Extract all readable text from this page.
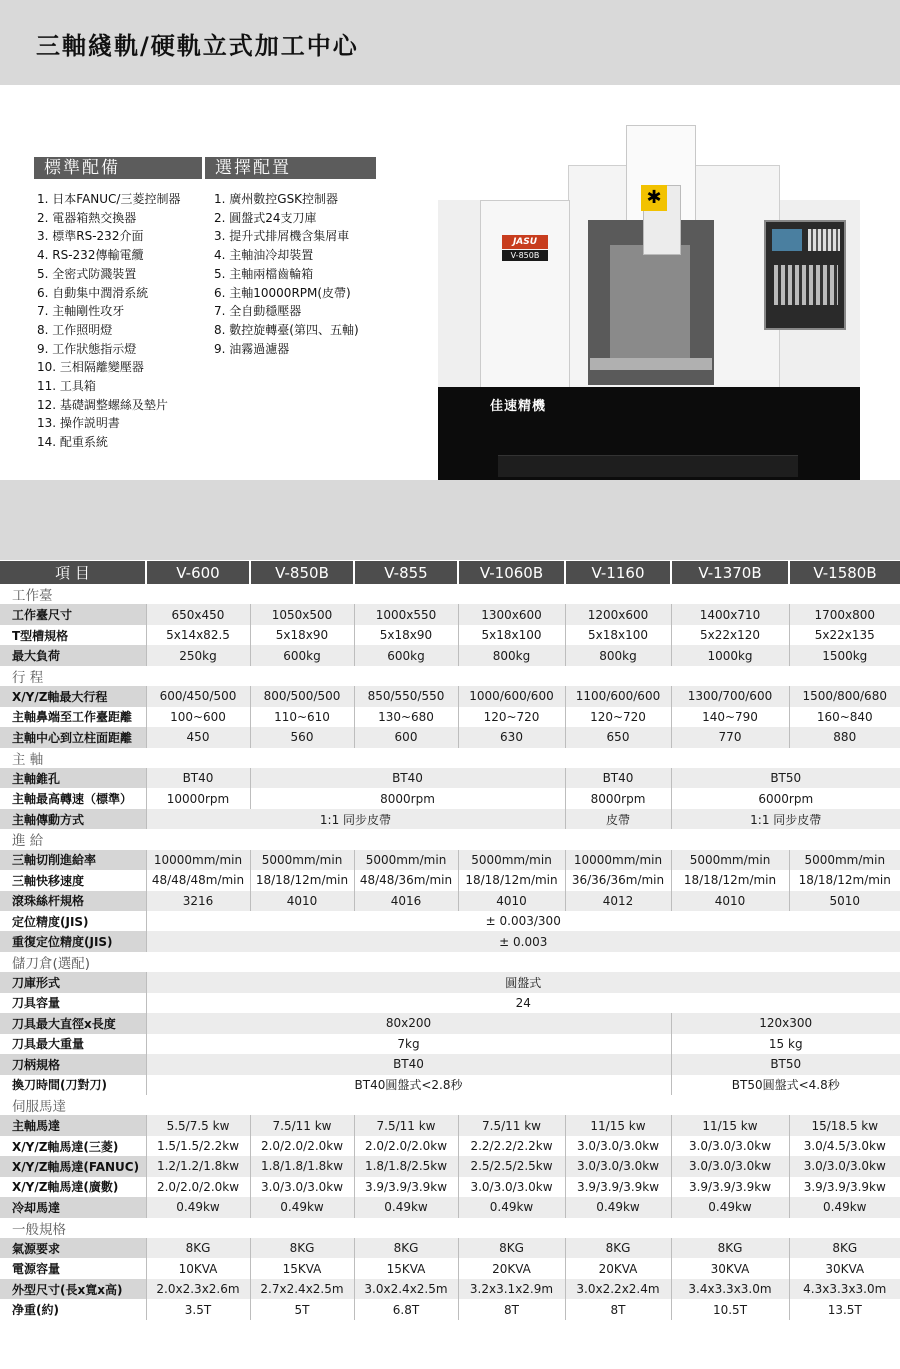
三軸綫軌/硬軌立式加工中心
標準配備	選擇配置
1. 日本FANUC/三菱控制器
2. 電器箱熱交換器
3. 標準RS-232介面
4. RS-232傳輸電纜
5. 全密式防濺裝置
6. 自動集中潤滑系統
7. 主軸剛性攻牙
8. 工作照明燈
9. 工作狀態指示燈
10. 三相隔離變壓器
11. 工具箱
12. 基礎調整螺絲及墊片
13. 操作説明書
14. 配重系統
1. 廣州數控GSK控制器
2. 圓盤式24支刀庫
3. 提升式排屑機含集屑車
4. 主軸油冷却裝置
5. 主軸兩檔齒輪箱
6. 主軸10000RPM(皮帶)
7. 全自動穩壓器
8. 數控旋轉臺(第四、五軸)
9. 油霧過濾器
✱
JASU
V-850B
佳速精機
項 目	V-600	V-850B	V-855	V-1060B	V-1160	V-1370B	V-1580B
工作臺							
工作臺尺寸	650x450	1050x500	1000x550	1300x600	1200x600	1400x710	1700x800
T型槽規格	5x14x82.5	5x18x90	5x18x90	5x18x100	5x18x100	5x22x120	5x22x135
最大負荷	250kg	600kg	600kg	800kg	800kg	1000kg	1500kg
行 程							
X/Y/Z軸最大行程	600/450/500	800/500/500	850/550/550	1000/600/600	1100/600/600	1300/700/600	1500/800/680
主軸鼻端至工作臺距離	100~600	110~610	130~680	120~720	120~720	140~790	160~840
主軸中心到立柱面距離	450	560	600	630	650	770	880
主 軸							
主軸錐孔	BT40	BT40			BT40	BT50	
主軸最高轉速（標準）	10000rpm	8000rpm			8000rpm	6000rpm	
主軸傳動方式	1:1 同步皮帶				皮帶	1:1 同步皮帶	
進 給							
三軸切削進給率	10000mm/min	5000mm/min	5000mm/min	5000mm/min	10000mm/min	5000mm/min	5000mm/min
三軸快移速度	48/48/48m/min	18/18/12m/min	48/48/36m/min	18/18/12m/min	36/36/36m/min	18/18/12m/min	18/18/12m/min
滾珠絲杆規格	3216	4010	4016	4010	4012	4010	5010
定位精度(JIS)	± 0.003/300						
重復定位精度(JIS)	± 0.003						
儲刀倉(選配)							
刀庫形式	圓盤式						
刀具容量	24						
刀具最大直徑x長度	80x200					120x300	
刀具最大重量	7kg					15 kg	
刀柄規格	BT40					BT50	
換刀時間(刀對刀)	BT40圓盤式<2.8秒					BT50圓盤式<4.8秒	
伺服馬達							
主軸馬達	5.5/7.5 kw	7.5/11 kw	7.5/11 kw	7.5/11 kw	11/15 kw	11/15 kw	15/18.5 kw
X/Y/Z軸馬達(三菱)	1.5/1.5/2.2kw	2.0/2.0/2.0kw	2.0/2.0/2.0kw	2.2/2.2/2.2kw	3.0/3.0/3.0kw	3.0/3.0/3.0kw	3.0/4.5/3.0kw
X/Y/Z軸馬達(FANUC)	1.2/1.2/1.8kw	1.8/1.8/1.8kw	1.8/1.8/2.5kw	2.5/2.5/2.5kw	3.0/3.0/3.0kw	3.0/3.0/3.0kw	3.0/3.0/3.0kw
X/Y/Z軸馬達(廣數)	2.0/2.0/2.0kw	3.0/3.0/3.0kw	3.9/3.9/3.9kw	3.0/3.0/3.0kw	3.9/3.9/3.9kw	3.9/3.9/3.9kw	3.9/3.9/3.9kw
冷却馬達	0.49kw	0.49kw	0.49kw	0.49kw	0.49kw	0.49kw	0.49kw
一般規格							
氣源要求	8KG	8KG	8KG	8KG	8KG	8KG	8KG
電源容量	10KVA	15KVA	15KVA	20KVA	20KVA	30KVA	30KVA
外型尺寸(長x寬x高)	2.0x2.3x2.6m	2.7x2.4x2.5m	3.0x2.4x2.5m	3.2x3.1x2.9m	3.0x2.2x2.4m	3.4x3.3x3.0m	4.3x3.3x3.0m
净重(約)	3.5T	5T	6.8T	8T	8T	10.5T	13.5T
